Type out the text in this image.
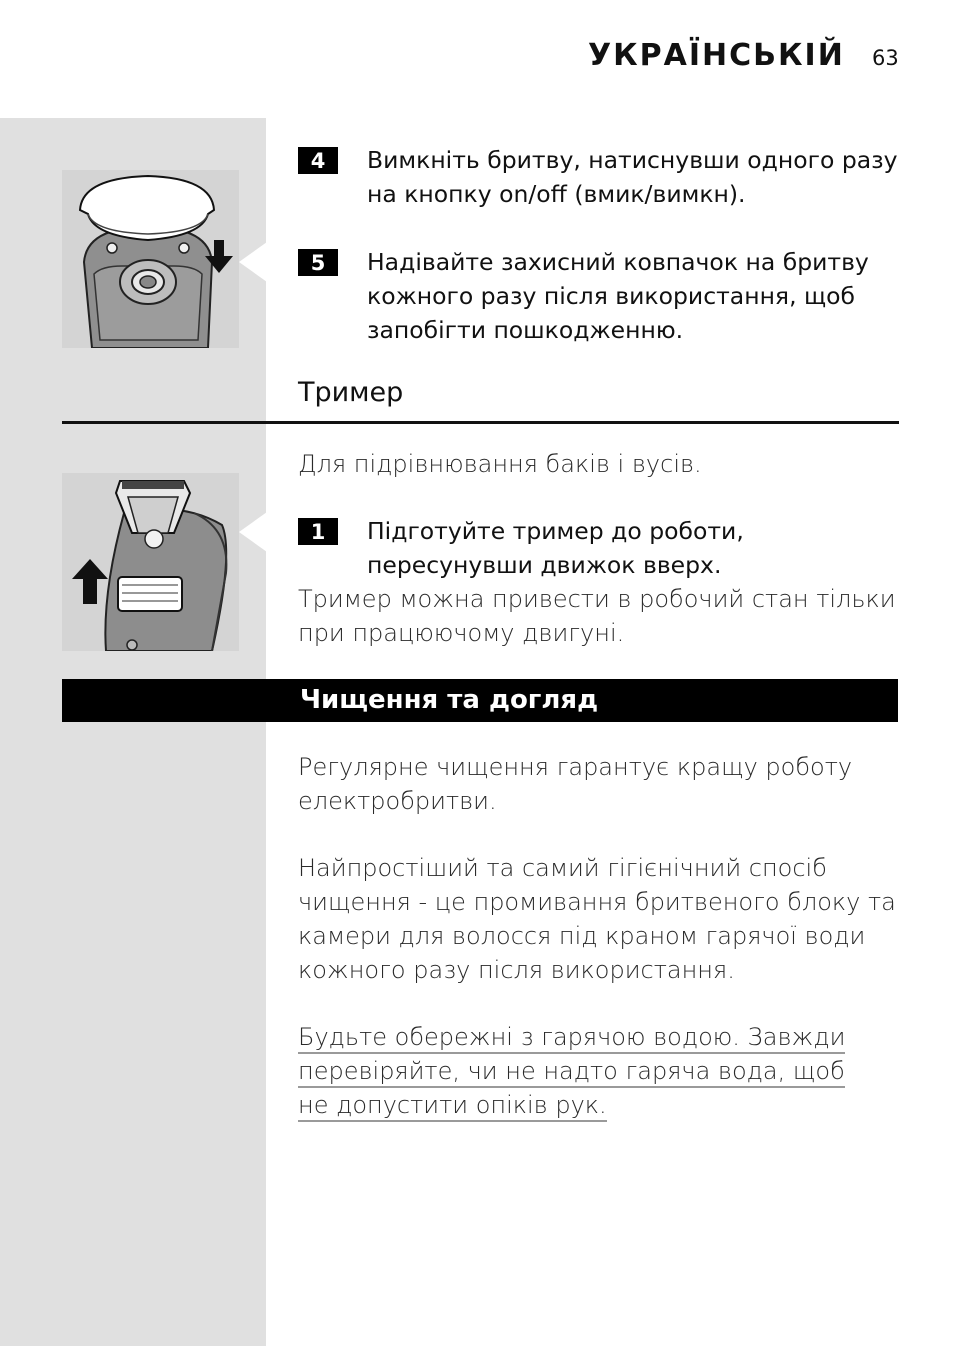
УКРАЇНСЬКІЙ 63
4	Вимкніть бритву, натиснувши одного разу на кнопку on/off (вмик/вимкн).
5	Надівайте захисний ковпачок на бритву кожного разу після використання, щоб запобігти пошкодженню.
Тример
Для підрівнювання баків і вусів.
1	Підготуйте тример до роботи, пересунувши движок вверх.
Тример можна привести в робочий стан тільки при працюючому двигуні.
Чищення та догляд
Регулярне чищення гарантує кращу роботу електробритви.
Найпростіший та самий гігієнічний спосіб чищення - це промивання бритвеного блоку та камери для волосся під краном гарячої води кожного разу після використання.
Будьте обережні з гарячою водою. Завжди перевіряйте, чи не надто гаряча вода, щоб не допустити опіків рук.
